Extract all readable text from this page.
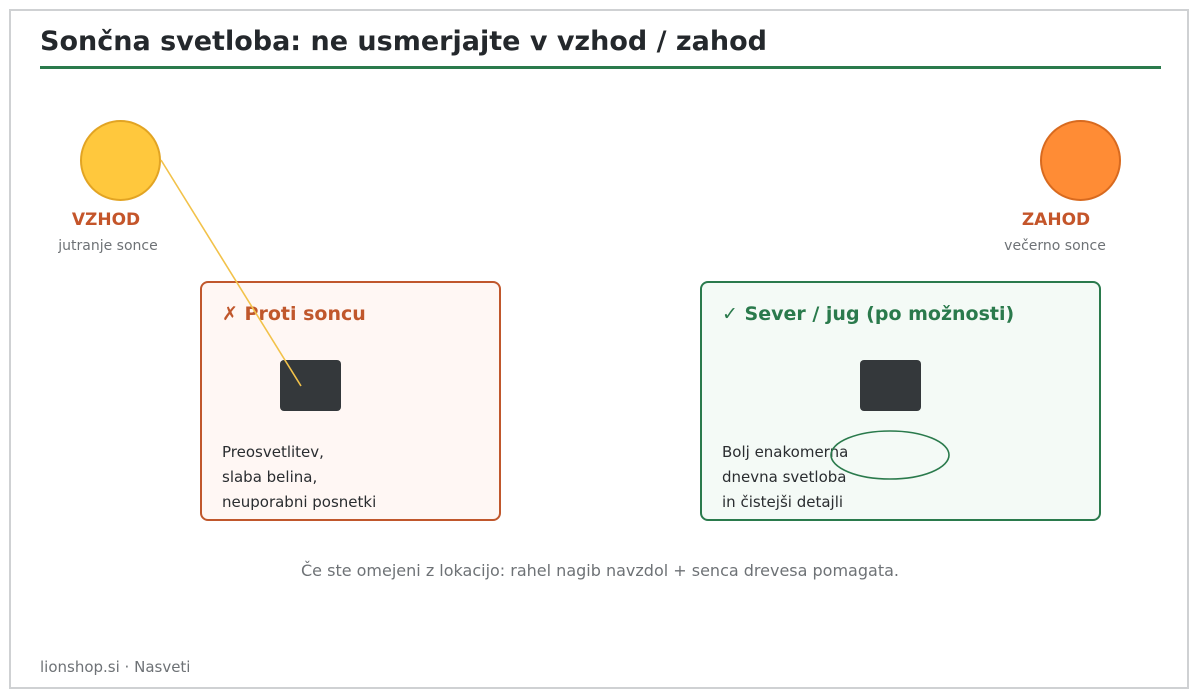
Sončna svetloba: ne usmerjajte v vzhod / zahod
VZHOD
jutranje sonce
ZAHOD
večerno sonce
✗ Proti soncu
Preosvetlitev,
slaba belina,
neuporabni posnetki
✓ Sever / jug (po možnosti)
Bolj enakomerna
dnevna svetloba
in čistejši detajli
Če ste omejeni z lokacijo: rahel nagib navzdol + senca drevesa pomagata.
lionshop.si · Nasveti
